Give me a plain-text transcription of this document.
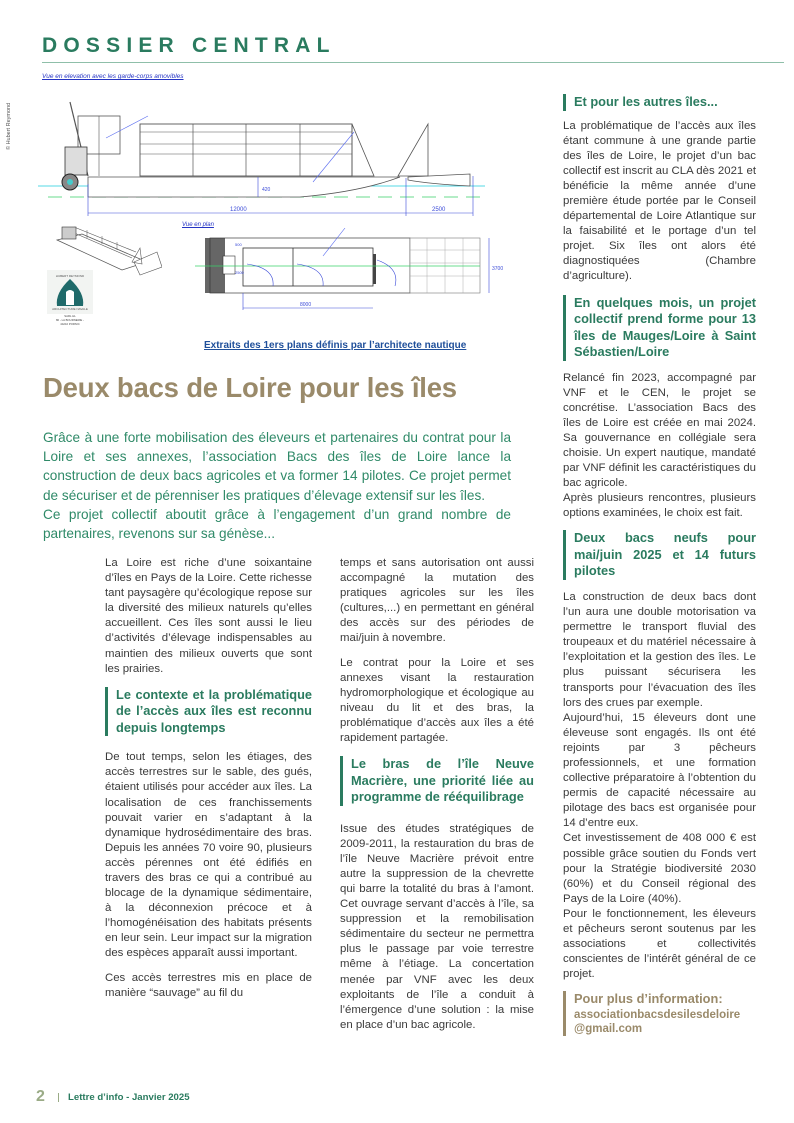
DOSSIER CENTRAL
© Hubert Reymond
Vue en elevation avec les garde-corps amovibles
12000	2500
420
HUBERT REYMOND
ARCHITECTURE NAVALE
SARL HL
80 - LA BOURNERIE -
44210 PORNIC
Vue en plan
8000
3700
2500
500
Extraits des 1ers plans définis par l’architecte nautique
Deux bacs de Loire pour les îles

Grâce à une forte mobilisation des éleveurs et partenaires du contrat pour la Loire et ses annexes, l’association Bacs des îles de Loire lance la construction de deux bacs agricoles et va former 14 pilotes. Ce projet permet de sécuriser et de pérenniser les pratiques d’élevage extensif sur les îles.

Ce projet collectif aboutit grâce à l’engagement d’un grand nombre de partenaires, revenons sur sa génèse...

La Loire est riche d’une soixantaine d’îles en Pays de la Loire. Cette richesse tant paysagère qu’écologique repose sur la diversité des milieux naturels qu’elles accueillent. Ces îles sont aussi le lieu d’activités d’élevage indispensables au maintien des milieux ouverts que sont les prairies.

Le contexte et la problématique de l’accès aux îles est reconnu depuis longtemps

De tout temps, selon les étiages, des accès terrestres sur le sable, des gués, étaient utilisés pour accéder aux îles. La localisation de ces franchissements pouvait varier en s’adaptant à la dynamique hydrosédimentaire des bras. Depuis les années 70 voire 90, plusieurs accès pérennes ont été édifiés en travers des bras ce qui a contribué au blocage de la dynamique sédimentaire, à la déconnexion précoce et à l’homogénéisation des habitats présents en leur sein. Leur impact sur la migration des espèces apparaît aussi important.

Ces accès terrestres mis en place de manière “sauvage” au fil du

temps et sans autorisation ont aussi accompagné la mutation des pratiques agricoles sur les îles (cultures,...) en permettant en général des accès sur des périodes de mai/juin à novembre.

Le contrat pour la Loire et ses annexes visant la restauration hydromorphologique et écologique au niveau du lit et des bras, la problématique d’accès aux îles a été rapidement partagée.

Le bras de l’île Neuve Macrière, une priorité liée au programme de rééquilibrage

Issue des études stratégiques de 2009-2011, la restauration du bras de l’île Neuve Macrière prévoit entre autre la suppression de la chevrette qui barre la totalité du bras à l’amont. Cet ouvrage servant d’accès à l’île, sa suppression et la remobilisation sédimentaire du secteur ne permettra plus le passage par voie terrestre même à l’étiage. La concertation menée par VNF avec les deux exploitants de l’île a conduit à l’émergence d’une solution : la mise en place d’un bac agricole.

Et pour les autres îles...

La problématique de l’accès aux îles étant commune à une grande partie des îles de Loire, le projet d’un bac collectif est inscrit au CLA dès 2021 et bénéficie la même année d’une première étude portée par le Conseil départemental de Loire Atlantique sur la faisabilité et le portage d’un tel projet. Six îles ont alors été diagnostiquées (Chambre d’agriculture).

En quelques mois, un projet collectif prend forme pour 13 îles de Mauges/Loire à Saint Sébastien/Loire

Relancé fin 2023, accompagné par VNF et le CEN, le projet se concrétise. L’association Bacs des îles de Loire est créée en mai 2024. Sa gouvernance en collégiale sera choisie. Un expert nautique, mandaté par VNF définit les caractéristiques du bac agricole.

Après plusieurs rencontres, plusieurs options examinées, le choix est fait.

Deux bacs neufs pour mai/juin 2025 et 14 futurs pilotes

La construction de deux bacs dont l’un aura une double motorisation va permettre le transport fluvial des troupeaux et du matériel nécessaire à l’exploitation et la gestion des îles. Le plus puissant sécurisera les transports pour l’évacuation des îles lors des crues par exemple.

Aujourd’hui, 15 éleveurs dont une éleveuse sont engagés. Ils ont été rejoints par 3 pêcheurs professionnels, et une formation collective préparatoire à l’obtention du permis de capacité nécessaire au pilotage des bacs est organisée pour 14 d’entre eux.

Cet investissement de 408 000 € est possible grâce soutien du Fonds vert pour la Stratégie biodiversité 2030 (60%) et du Conseil régional des Pays de la Loire (40%).

Pour le fonctionnement, les éleveurs et pêcheurs seront soutenus par les associations et collectivités conscientes de l’intérêt général de ce projet.

Pour plus d’information:
associationbacsdesilesdeloire
@gmail.com
2 Lettre d’info - Janvier 2025
